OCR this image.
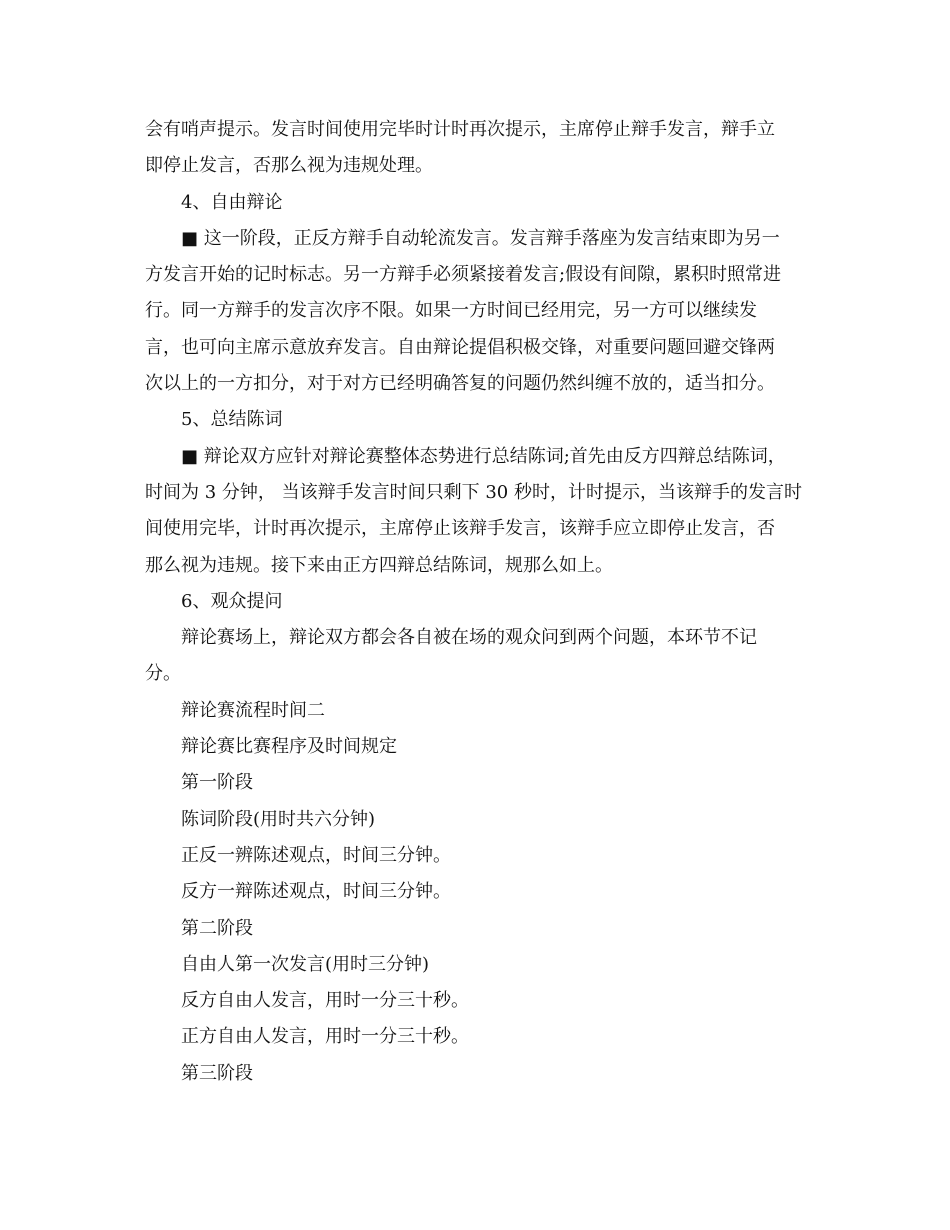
会有哨声提示。发言时间使用完毕时计时再次提示，主席停止辩手发言，辩手立
即停止发言，否那么视为违规处理。
4、自由辩论
■ 这一阶段，正反方辩手自动轮流发言。发言辩手落座为发言结束即为另一
方发言开始的记时标志。另一方辩手必须紧接着发言;假设有间隙，累积时照常进
行。同一方辩手的发言次序不限。如果一方时间已经用完，另一方可以继续发
言，也可向主席示意放弃发言。自由辩论提倡积极交锋，对重要问题回避交锋两
次以上的一方扣分，对于对方已经明确答复的问题仍然纠缠不放的，适当扣分。
5、总结陈词
■ 辩论双方应针对辩论赛整体态势进行总结陈词;首先由反方四辩总结陈词，
时间为 3 分钟， 当该辩手发言时间只剩下 30 秒时，计时提示，当该辩手的发言时
间使用完毕，计时再次提示，主席停止该辩手发言，该辩手应立即停止发言，否
那么视为违规。接下来由正方四辩总结陈词，规那么如上。
6、观众提问
辩论赛场上，辩论双方都会各自被在场的观众问到两个问题，本环节不记
分。
辩论赛流程时间二
辩论赛比赛程序及时间规定
第一阶段
陈词阶段(用时共六分钟)
正反一辨陈述观点，时间三分钟。
反方一辩陈述观点，时间三分钟。
第二阶段
自由人第一次发言(用时三分钟)
反方自由人发言，用时一分三十秒。
正方自由人发言，用时一分三十秒。
第三阶段
